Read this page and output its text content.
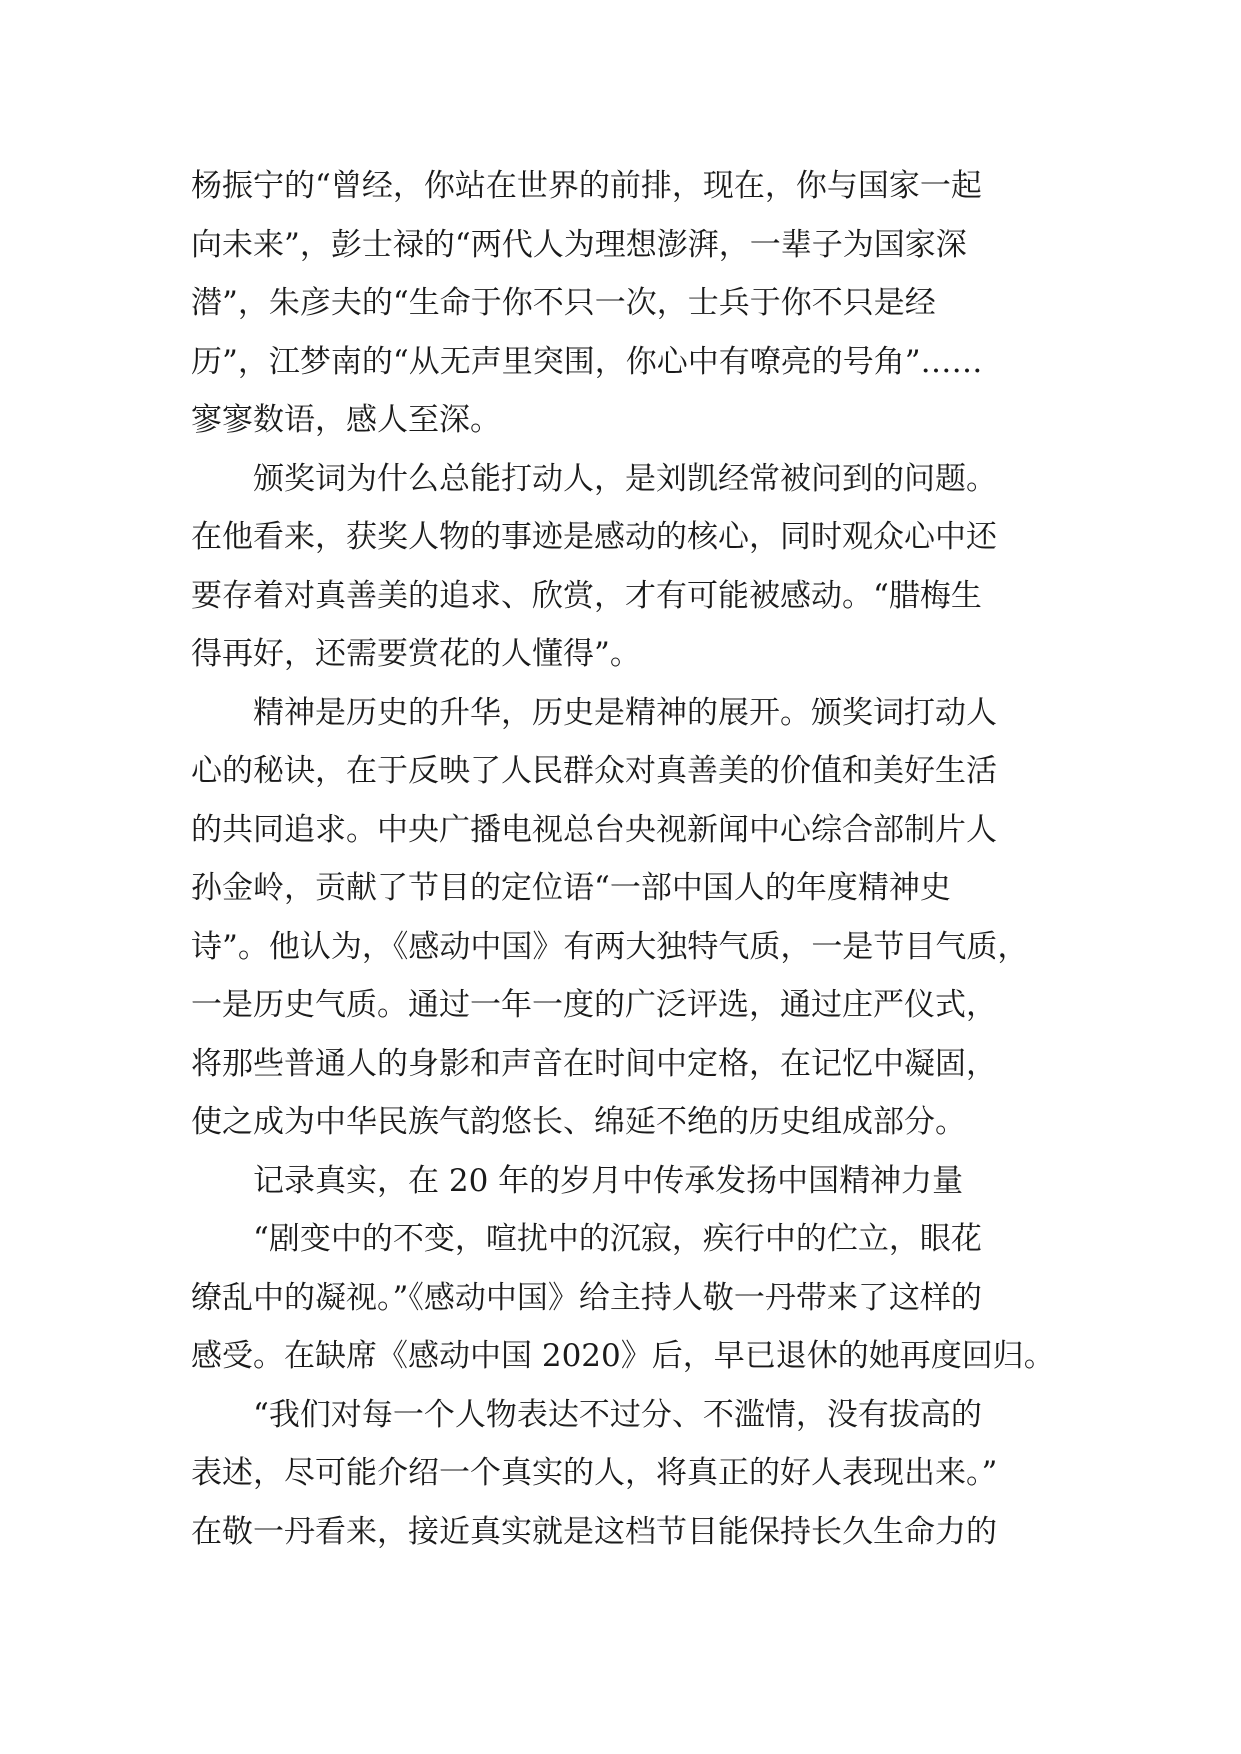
杨振宁的“曾经，你站在世界的前排，现在，你与国家一起
向未来”，彭士禄的“两代人为理想澎湃，一辈子为国家深
潜”，朱彦夫的“生命于你不只一次，士兵于你不只是经
历”，江梦南的“从无声里突围，你心中有嘹亮的号角”……
寥寥数语，感人至深。

颁奖词为什么总能打动人，是刘凯经常被问到的问题。
在他看来，获奖人物的事迹是感动的核心，同时观众心中还
要存着对真善美的追求、欣赏，才有可能被感动。“腊梅生
得再好，还需要赏花的人懂得”。

精神是历史的升华，历史是精神的展开。颁奖词打动人
心的秘诀，在于反映了人民群众对真善美的价值和美好生活
的共同追求。中央广播电视总台央视新闻中心综合部制片人
孙金岭，贡献了节目的定位语“一部中国人的年度精神史
诗”。他认为，《感动中国》有两大独特气质，一是节目气质，
一是历史气质。通过一年一度的广泛评选，通过庄严仪式，
将那些普通人的身影和声音在时间中定格，在记忆中凝固，
使之成为中华民族气韵悠长、绵延不绝的历史组成部分。

记录真实，在 20 年的岁月中传承发扬中国精神力量

“剧变中的不变，喧扰中的沉寂，疾行中的伫立，眼花
缭乱中的凝视。”《感动中国》给主持人敬一丹带来了这样的
感受。在缺席《感动中国 2020》后，早已退休的她再度回归。

“我们对每一个人物表达不过分、不滥情，没有拔高的
表述，尽可能介绍一个真实的人，将真正的好人表现出来。”
在敬一丹看来，接近真实就是这档节目能保持长久生命力的
